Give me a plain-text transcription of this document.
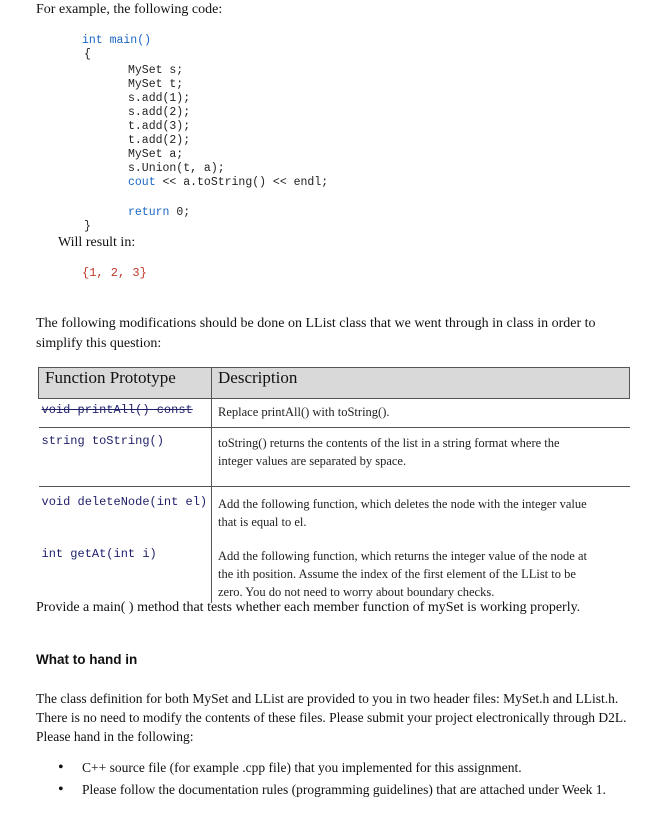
For example, the following code:
int main()
{
MySet s;
MySet t;
s.add(1);
s.add(2);
t.add(3);
t.add(2);
MySet a;
s.Union(t, a);
cout << a.toString() << endl;
return 0;
}
Will result in:
{1, 2, 3}
The following modifications should be done on LList class that we went through in class in order to
simplify this question:
Function Prototype	Description
void printAll() const	Replace printAll() with toString().

string toString()	toString() returns the contents of the list in a string format where the
integer values are separated by space.

void deleteNode(int el)	Add the following function, which deletes the node with the integer value
that is equal to el.

int getAt(int i)	Add the following function, which returns the integer value of the node at
the ith position. Assume the index of the first element of the LList to be
zero. You do not need to worry about boundary checks.
Provide a main( ) method that tests whether each member function of mySet is working properly.
What to hand in
The class definition for both MySet and LList are provided to you in two header files: MySet.h and LList.h.
There is no need to modify the contents of these files. Please submit your project electronically through D2L.
Please hand in the following:
• C++ source file (for example .cpp file) that you implemented for this assignment.
• Please follow the documentation rules (programming guidelines) that are attached under Week 1.
